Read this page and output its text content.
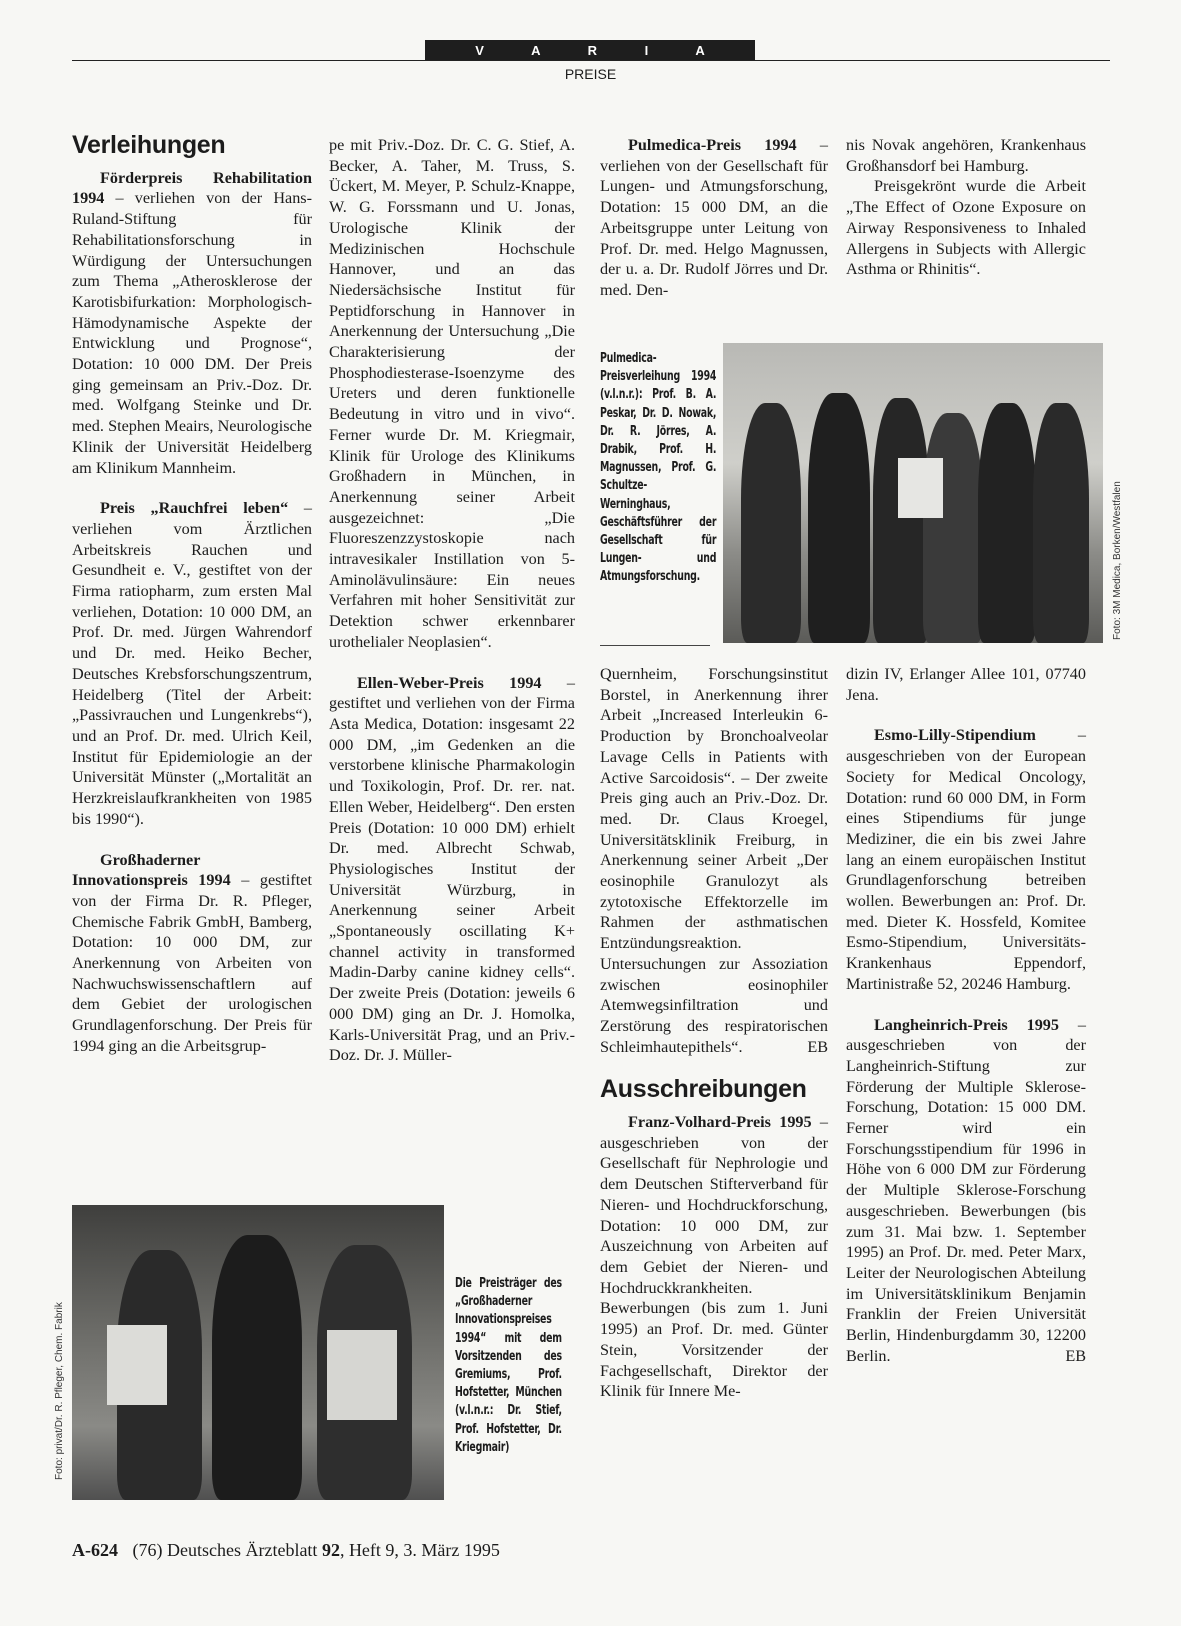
V A R I A
PREISE
Verleihungen

Förderpreis Rehabilitation 1994 – verliehen von der Hans-Ruland-Stiftung für Rehabilitationsforschung in Würdigung der Untersuchungen zum Thema „Atherosklerose der Karotisbifurkation: Morphologisch-Hämodynamische Aspekte der Entwicklung und Prognose“, Dotation: 10 000 DM. Der Preis ging gemeinsam an Priv.-Doz. Dr. med. Wolfgang Steinke und Dr. med. Stephen Meairs, Neurologische Klinik der Universität Heidelberg am Klinikum Mannheim.

Preis „Rauchfrei leben“ – verliehen vom Ärztlichen Arbeitskreis Rauchen und Gesundheit e. V., gestiftet von der Firma ratiopharm, zum ersten Mal verliehen, Dotation: 10 000 DM, an Prof. Dr. med. Jürgen Wahrendorf und Dr. med. Heiko Becher, Deutsches Krebsforschungszentrum, Heidelberg (Titel der Arbeit: „Passivrauchen und Lungenkrebs“), und an Prof. Dr. med. Ulrich Keil, Institut für Epidemiologie an der Universität Münster („Mortalität an Herzkreislaufkrankheiten von 1985 bis 1990“).

Großhaderner Innovationspreis 1994 – gestiftet von der Firma Dr. R. Pfleger, Chemische Fabrik GmbH, Bamberg, Dotation: 10 000 DM, zur Anerkennung von Arbeiten von Nachwuchswissenschaftlern auf dem Gebiet der urologischen Grundlagenforschung. Der Preis für 1994 ging an die Arbeitsgrup-

pe mit Priv.-Doz. Dr. C. G. Stief, A. Becker, A. Taher, M. Truss, S. Ückert, M. Meyer, P. Schulz-Knappe, W. G. Forssmann und U. Jonas, Urologische Klinik der Medizinischen Hochschule Hannover, und an das Niedersächsische Institut für Peptidforschung in Hannover in Anerkennung der Untersuchung „Die Charakterisierung der Phosphodiesterase-Isoenzyme des Ureters und deren funktionelle Bedeutung in vitro und in vivo“. Ferner wurde Dr. M. Kriegmair, Klinik für Urologe des Klinikums Großhadern in München, in Anerkennung seiner Arbeit ausgezeichnet: „Die Fluoreszenzzystoskopie nach intravesikaler Instillation von 5-Aminolävulinsäure: Ein neues Verfahren mit hoher Sensitivität zur Detektion schwer erkennbarer urothelialer Neoplasien“.

Ellen-Weber-Preis 1994 – gestiftet und verliehen von der Firma Asta Medica, Dotation: insgesamt 22 000 DM, „im Gedenken an die verstorbene klinische Pharmakologin und Toxikologin, Prof. Dr. rer. nat. Ellen Weber, Heidelberg“. Den ersten Preis (Dotation: 10 000 DM) erhielt Dr. med. Albrecht Schwab, Physiologisches Institut der Universität Würzburg, in Anerkennung seiner Arbeit „Spontaneously oscillating K+ channel activity in transformed Madin-Darby canine kidney cells“. Der zweite Preis (Dotation: jeweils 6 000 DM) ging an Dr. J. Homolka, Karls-Universität Prag, und an Priv.-Doz. Dr. J. Müller-

Pulmedica-Preis 1994 – verliehen von der Gesellschaft für Lungen- und Atmungsforschung, Dotation: 15 000 DM, an die Arbeitsgruppe unter Leitung von Prof. Dr. med. Helgo Magnussen, der u. a. Dr. Rudolf Jörres und Dr. med. Den-

nis Novak angehören, Krankenhaus Großhansdorf bei Hamburg.

Preisgekrönt wurde die Arbeit „The Effect of Ozone Exposure on Airway Responsiveness to Inhaled Allergens in Subjects with Allergic Asthma or Rhinitis“.

Pulmedica-Preisverleihung 1994 (v.l.n.r.): Prof. B. A. Peskar, Dr. D. Nowak, Dr. R. Jörres, A. Drabik, Prof. H. Magnussen, Prof. G. Schultze-Werninghaus, Geschäftsführer der Gesellschaft für Lungen- und Atmungsforschung.	Foto: 3M Medica, Borken/Westfalen

Quernheim, Forschungsinstitut Borstel, in Anerkennung ihrer Arbeit „Increased Interleukin 6-Production by Bronchoalveolar Lavage Cells in Patients with Active Sarcoidosis“. – Der zweite Preis ging auch an Priv.-Doz. Dr. med. Dr. Claus Kroegel, Universitätsklinik Freiburg, in Anerkennung seiner Arbeit „Der eosinophile Granulozyt als zytotoxische Effektorzelle im Rahmen der asthmatischen Entzündungsreaktion. Untersuchungen zur Assoziation zwischen eosinophiler Atemwegsinfiltration und Zerstörung des respiratorischen Schleimhautepithels“.	EB

Ausschreibungen

Franz-Volhard-Preis 1995 – ausgeschrieben von der Gesellschaft für Nephrologie und dem Deutschen Stifterverband für Nieren- und Hochdruckforschung, Dotation: 10 000 DM, zur Auszeichnung von Arbeiten auf dem Gebiet der Nieren- und Hochdruckkrankheiten. Bewerbungen (bis zum 1. Juni 1995) an Prof. Dr. med. Günter Stein, Vorsitzender der Fachgesellschaft, Direktor der Klinik für Innere Me-

dizin IV, Erlanger Allee 101, 07740 Jena.

Esmo-Lilly-Stipendium – ausgeschrieben von der European Society for Medical Oncology, Dotation: rund 60 000 DM, in Form eines Stipendiums für junge Mediziner, die ein bis zwei Jahre lang an einem europäischen Institut Grundlagenforschung betreiben wollen. Bewerbungen an: Prof. Dr. med. Dieter K. Hossfeld, Komitee Esmo-Stipendium, Universitäts-Krankenhaus Eppendorf, Martinistraße 52, 20246 Hamburg.

Langheinrich-Preis 1995 – ausgeschrieben von der Langheinrich-Stiftung zur Förderung der Multiple Sklerose-Forschung, Dotation: 15 000 DM. Ferner wird ein Forschungsstipendium für 1996 in Höhe von 6 000 DM zur Förderung der Multiple Sklerose-Forschung ausgeschrieben. Bewerbungen (bis zum 31. Mai bzw. 1. September 1995) an Prof. Dr. med. Peter Marx, Leiter der Neurologischen Abteilung im Universitätsklinikum Benjamin Franklin der Freien Universität Berlin, Hindenburgdamm 30, 12200 Berlin.	EB

Foto: privat/Dr. R. Pfleger, Chem. Fabrik
Die Preisträger des „Großhaderner Innovationspreises 1994“ mit dem Vorsitzenden des Gremiums, Prof. Hofstetter, München (v.l.n.r.: Dr. Stief, Prof. Hofstetter, Dr. Kriegmair)
A-624 (76) Deutsches Ärzteblatt 92, Heft 9, 3. März 1995
